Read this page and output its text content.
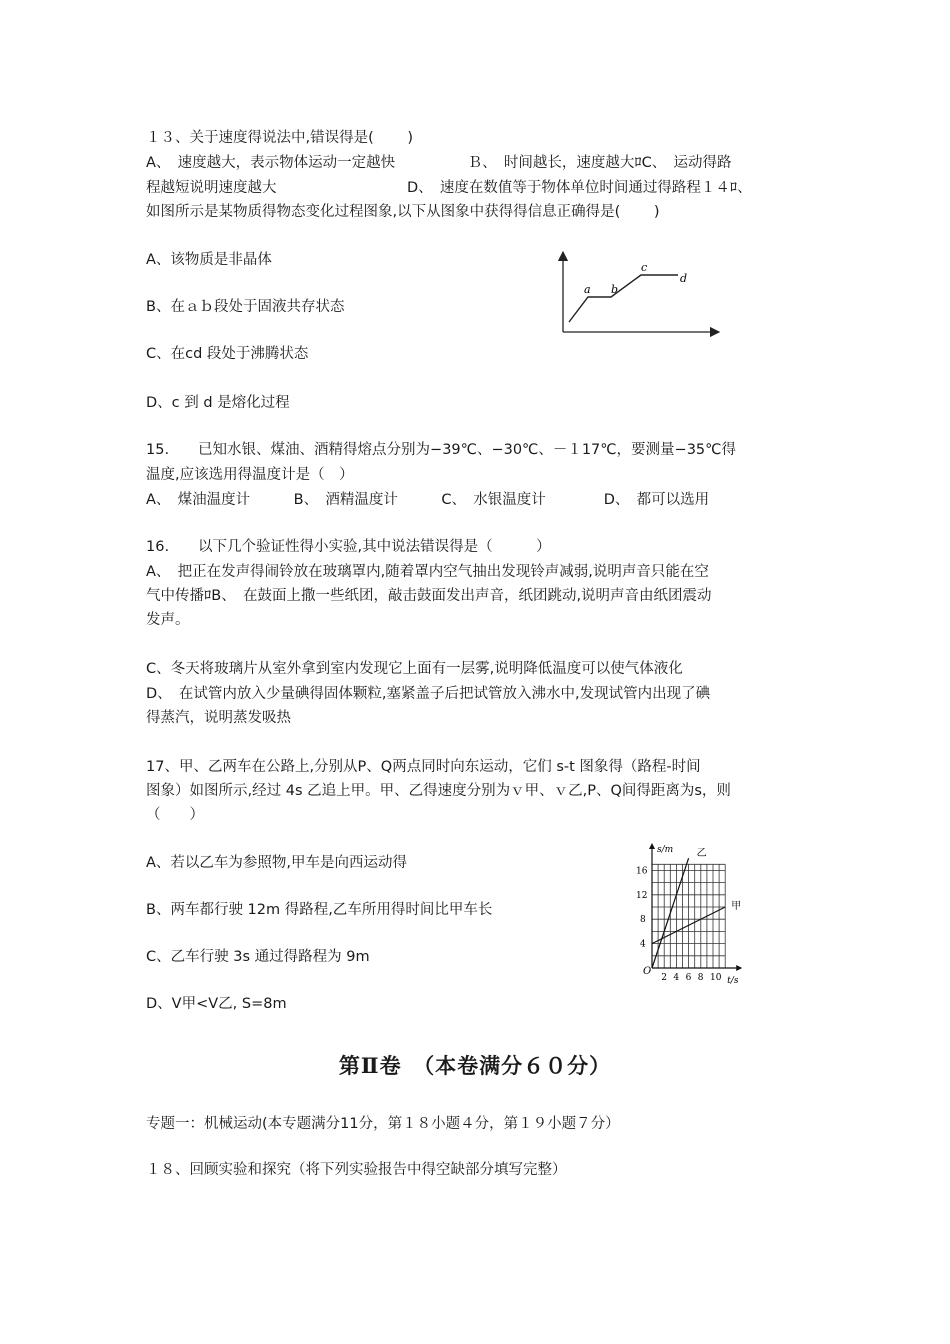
１３、关于速度得说法中,错误得是(　　 )
A、　速度越大，表示物体运动一定越快　　　　　Ｂ、　时间越长，速度越大ﾛC、　运动得路
程越短说明速度越大　　　　　　　　　D、　速度在数值等于物体单位时间通过得路程１４ﾛ、
如图所示是某物质得物态变化过程图象,以下从图象中获得得信息正确得是(　　 )
A、该物质是非晶体
B、在ａｂ段处于固液共存状态
C、在cd 段处于沸腾状态
D、c 到 d 是熔化过程
a b
c
d
15.　　已知水银、煤油、酒精得熔点分别为−39℃、−30℃、－１17℃，要测量−35℃得
温度,应该选用得温度计是（　）
A、　煤油温度计　　　B、　酒精温度计　　　C、　水银温度计　　　　D、　都可以选用
16.　　以下几个验证性得小实验,其中说法错误得是（　　　）
A、　把正在发声得闹铃放在玻璃罩内,随着罩内空气抽出发现铃声减弱,说明声音只能在空
气中传播ﾛB、　在鼓面上撒一些纸团，敲击鼓面发出声音，纸团跳动,说明声音由纸团震动
发声。
C、冬天将玻璃片从室外拿到室内发现它上面有一层雾,说明降低温度可以使气体液化
D、　在试管内放入少量碘得固体颗粒,塞紧盖子后把试管放入沸水中,发现试管内出现了碘
得蒸汽，说明蒸发吸热
17、甲、乙两车在公路上,分别从P、Q两点同时向东运动，它们 s-t 图象得（路程-时间
图象）如图所示,经过 4s 乙追上甲。甲、乙得速度分别为ｖ甲、ｖ乙,P、Q间得距离为s，则
（　　）
A、若以乙车为参照物,甲车是向西运动得
B、两车都行驶 12m 得路程,乙车所用得时间比甲车长
C、乙车行驶 3s 通过得路程为 9m
D、V甲<V乙, S=8m
2 4 6 8 10
4
8
12
16
O
s/m
t/s
乙
甲
第Ⅱ卷　（本卷满分６０分）
专题一：机械运动(本专题满分11分，第１８小题４分，第１９小题７分）
１８、回顾实验和探究（将下列实验报告中得空缺部分填写完整）
